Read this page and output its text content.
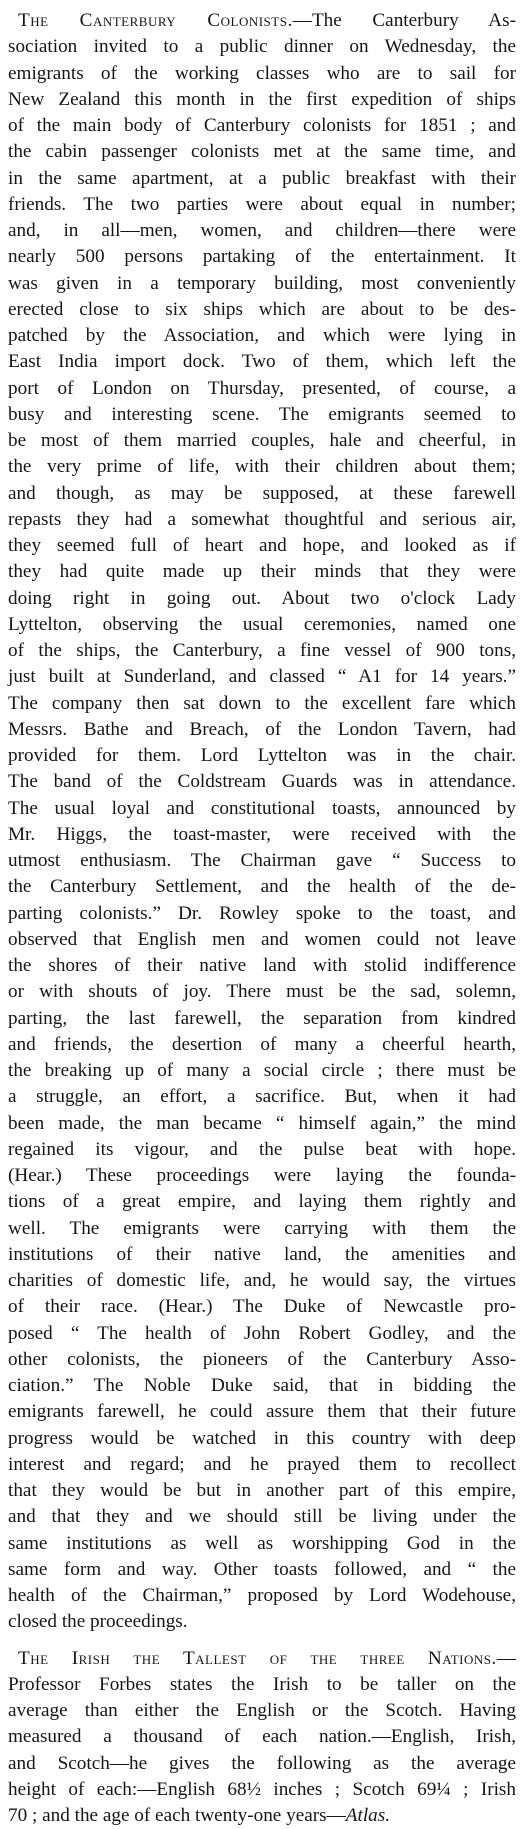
The Canterbury Colonists.—The Canterbury As-
sociation invited to a public dinner on Wednesday, the
emigrants of the working classes who are to sail for
New Zealand this month in the first expedition of ships
of the main body of Canterbury colonists for 1851 ; and
the cabin passenger colonists met at the same time, and
in the same apartment, at a public breakfast with their
friends. The two parties were about equal in number;
and, in all—men, women, and children—there were
nearly 500 persons partaking of the entertainment. It
was given in a temporary building, most conveniently
erected close to six ships which are about to be des-
patched by the Association, and which were lying in
East India import dock. Two of them, which left the
port of London on Thursday, presented, of course, a
busy and interesting scene. The emigrants seemed to
be most of them married couples, hale and cheerful, in
the very prime of life, with their children about them;
and though, as may be supposed, at these farewell
repasts they had a somewhat thoughtful and serious air,
they seemed full of heart and hope, and looked as if
they had quite made up their minds that they were
doing right in going out. About two o'clock Lady
Lyttelton, observing the usual ceremonies, named one
of the ships, the Canterbury, a fine vessel of 900 tons,
just built at Sunderland, and classed “ A1 for 14 years.”
The company then sat down to the excellent fare which
Messrs. Bathe and Breach, of the London Tavern, had
provided for them. Lord Lyttelton was in the chair.
The band of the Coldstream Guards was in attendance.
The usual loyal and constitutional toasts, announced by
Mr. Higgs, the toast-master, were received with the
utmost enthusiasm. The Chairman gave “ Success to
the Canterbury Settlement, and the health of the de-
parting colonists.” Dr. Rowley spoke to the toast, and
observed that English men and women could not leave
the shores of their native land with stolid indifference
or with shouts of joy. There must be the sad, solemn,
parting, the last farewell, the separation from kindred
and friends, the desertion of many a cheerful hearth,
the breaking up of many a social circle ; there must be
a struggle, an effort, a sacrifice. But, when it had
been made, the man became “ himself again,” the mind
regained its vigour, and the pulse beat with hope.
(Hear.) These proceedings were laying the founda-
tions of a great empire, and laying them rightly and
well. The emigrants were carrying with them the
institutions of their native land, the amenities and
charities of domestic life, and, he would say, the virtues
of their race. (Hear.) The Duke of Newcastle pro-
posed “ The health of John Robert Godley, and the
other colonists, the pioneers of the Canterbury Asso-
ciation.” The Noble Duke said, that in bidding the
emigrants farewell, he could assure them that their future
progress would be watched in this country with deep
interest and regard; and he prayed them to recollect
that they would be but in another part of this empire,
and that they and we should still be living under the
same institutions as well as worshipping God in the
same form and way. Other toasts followed, and “ the
health of the Chairman,” proposed by Lord Wodehouse,
closed the proceedings.
The Irish the Tallest of the three Nations.—
Professor Forbes states the Irish to be taller on the
average than either the English or the Scotch. Having
measured a thousand of each nation.—English, Irish,
and Scotch—he gives the following as the average
height of each:—English 68½ inches ; Scotch 69¼ ; Irish
70 ; and the age of each twenty-one years—Atlas.
